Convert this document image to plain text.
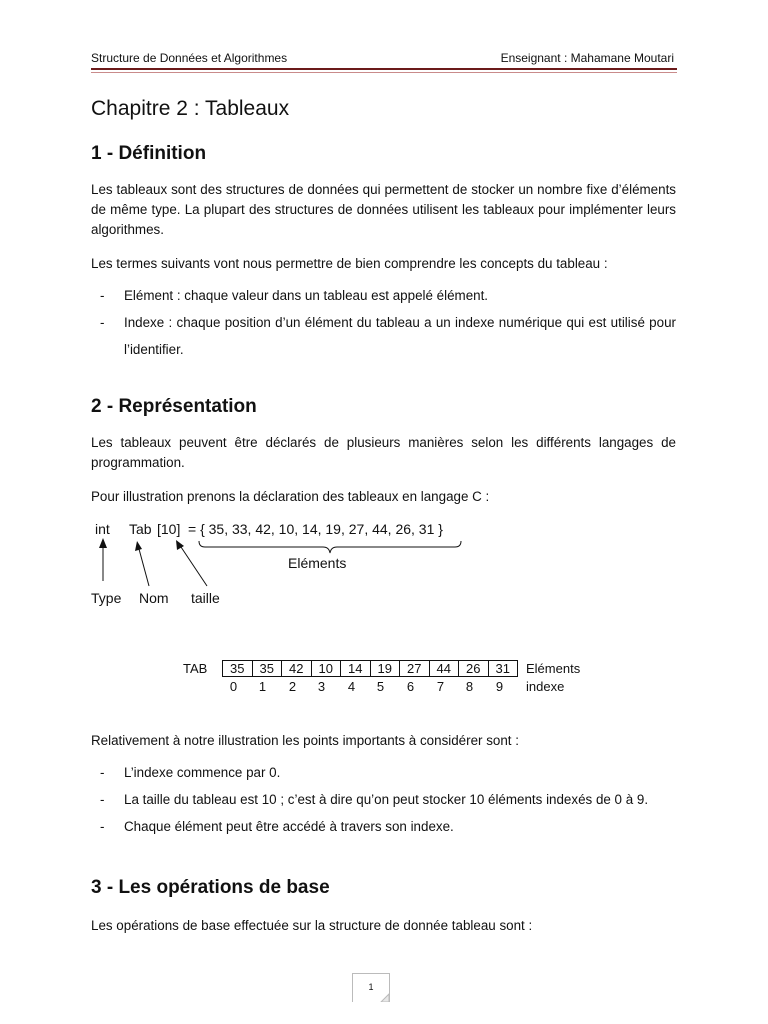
Structure de Données et Algorithmes	Enseignant : Mahamane Moutari
Chapitre 2 : Tableaux
1 - Définition
Les tableaux sont des structures de données qui permettent de stocker un nombre fixe d’éléments de même type. La plupart des structures de données utilisent les tableaux pour implémenter leurs algorithmes.
Les termes suivants vont nous permettre de bien comprendre les concepts du tableau :
- Elément : chaque valeur dans un tableau est appelé élément.
- Indexe : chaque position d’un élément du tableau a un indexe numérique qui est utilisé pour l’identifier.
2 - Représentation
Les tableaux peuvent être déclarés de plusieurs manières selon les différents langages de programmation.
Pour illustration prenons la déclaration des tableaux en langage C :
int Tab [10] = { 35, 33, 42, 10, 14, 19, 27, 44, 26, 31 }
Eléments
Type Nom taille
TAB 35	35	42	10	14	19	27	44	26	31 Eléments
0	1	2	3	4	5	6	7	8	9	indexe
Relativement à notre illustration les points importants à considérer sont :
- L’indexe commence par 0.
- La taille du tableau est 10 ; c’est à dire qu’on peut stocker 10 éléments indexés de 0 à 9.
- Chaque élément peut être accédé à travers son indexe.
3 - Les opérations de base
Les opérations de base effectuée sur la structure de donnée tableau sont :
1
